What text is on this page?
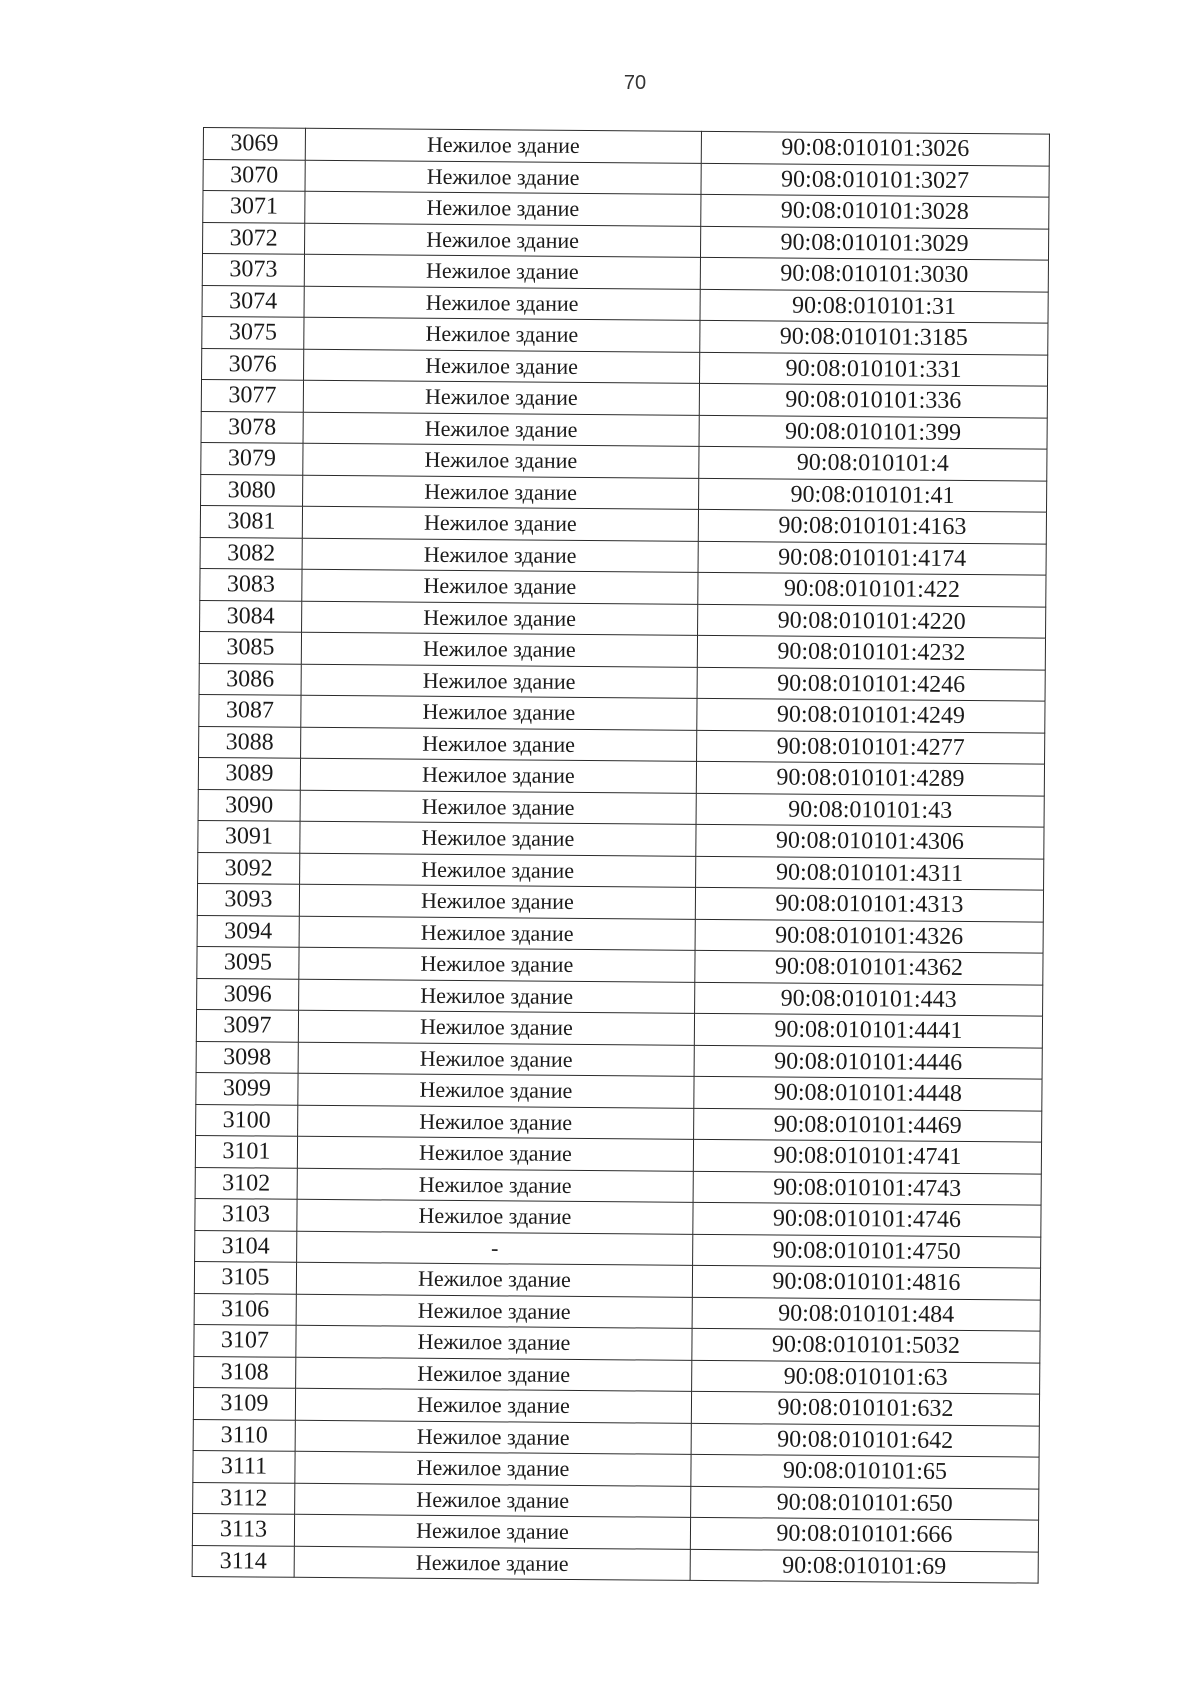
70
3069	Нежилое здание	90:08:010101:3026
3070	Нежилое здание	90:08:010101:3027
3071	Нежилое здание	90:08:010101:3028
3072	Нежилое здание	90:08:010101:3029
3073	Нежилое здание	90:08:010101:3030
3074	Нежилое здание	90:08:010101:31
3075	Нежилое здание	90:08:010101:3185
3076	Нежилое здание	90:08:010101:331
3077	Нежилое здание	90:08:010101:336
3078	Нежилое здание	90:08:010101:399
3079	Нежилое здание	90:08:010101:4
3080	Нежилое здание	90:08:010101:41
3081	Нежилое здание	90:08:010101:4163
3082	Нежилое здание	90:08:010101:4174
3083	Нежилое здание	90:08:010101:422
3084	Нежилое здание	90:08:010101:4220
3085	Нежилое здание	90:08:010101:4232
3086	Нежилое здание	90:08:010101:4246
3087	Нежилое здание	90:08:010101:4249
3088	Нежилое здание	90:08:010101:4277
3089	Нежилое здание	90:08:010101:4289
3090	Нежилое здание	90:08:010101:43
3091	Нежилое здание	90:08:010101:4306
3092	Нежилое здание	90:08:010101:4311
3093	Нежилое здание	90:08:010101:4313
3094	Нежилое здание	90:08:010101:4326
3095	Нежилое здание	90:08:010101:4362
3096	Нежилое здание	90:08:010101:443
3097	Нежилое здание	90:08:010101:4441
3098	Нежилое здание	90:08:010101:4446
3099	Нежилое здание	90:08:010101:4448
3100	Нежилое здание	90:08:010101:4469
3101	Нежилое здание	90:08:010101:4741
3102	Нежилое здание	90:08:010101:4743
3103	Нежилое здание	90:08:010101:4746
3104	-	90:08:010101:4750
3105	Нежилое здание	90:08:010101:4816
3106	Нежилое здание	90:08:010101:484
3107	Нежилое здание	90:08:010101:5032
3108	Нежилое здание	90:08:010101:63
3109	Нежилое здание	90:08:010101:632
3110	Нежилое здание	90:08:010101:642
3111	Нежилое здание	90:08:010101:65
3112	Нежилое здание	90:08:010101:650
3113	Нежилое здание	90:08:010101:666
3114	Нежилое здание	90:08:010101:69
